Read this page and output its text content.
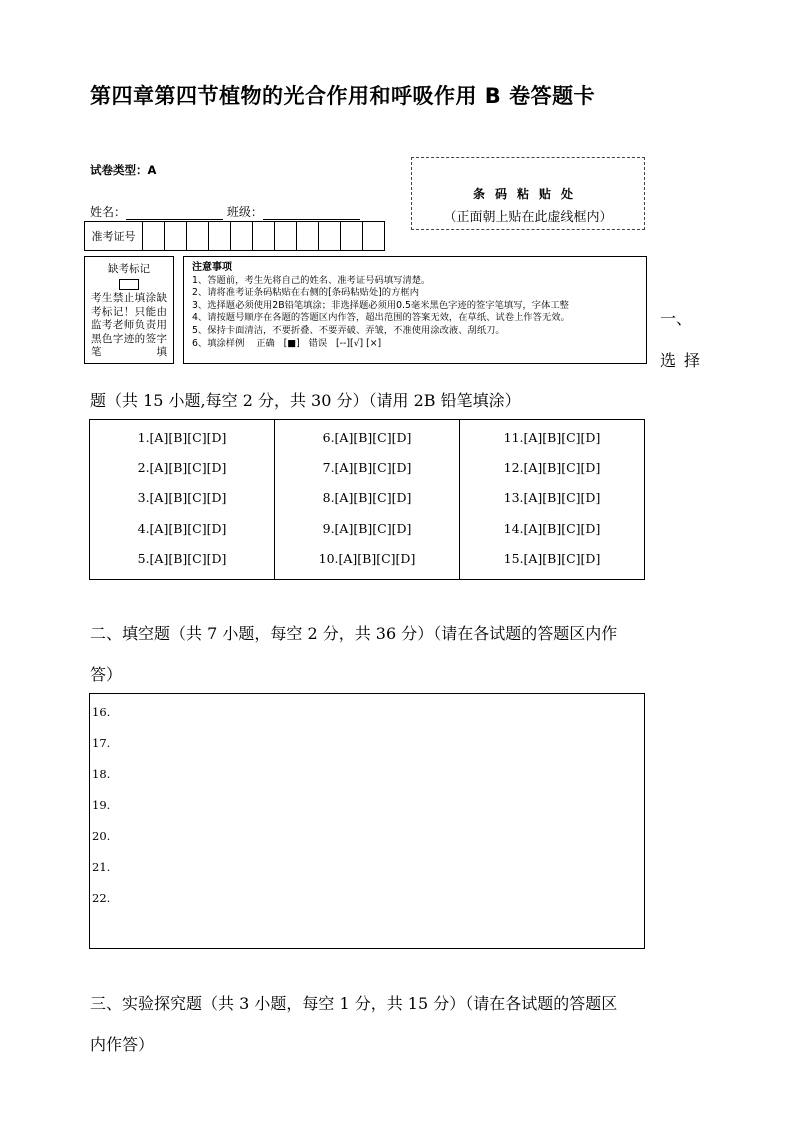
第四章第四节植物的光合作用和呼吸作用 B 卷答题卡
试卷类型：A
姓名：	班级：
条码粘贴处
（正面朝上贴在此虚线框内）
准考证号
缺考标记
考生禁止填涂缺考标记！只能由监考老师负责用黑色字迹的签字笔填
注意事项
1、答题前，考生先将自己的姓名、准考证号码填写清楚。
2、请将准考证条码粘贴在右侧的[条码粘贴处]的方框内
3、选择题必须使用2B铅笔填涂；非选择题必须用0.5毫米黑色字迹的签字笔填写，字体工整
4、请按题号顺序在各题的答题区内作答，超出范围的答案无效，在草纸、试卷上作答无效。
5、保持卡面清洁，不要折叠、不要弄破、弄皱，不准使用涂改液、刮纸刀。
6、填涂样例    正确   [■]   错误   [--][√] [×]
一、
选择
题（共 15 小题,每空 2 分，共 30 分）（请用 2B 铅笔填涂）
1.[A][B][C][D]
2.[A][B][C][D]
3.[A][B][C][D]
4.[A][B][C][D]
5.[A][B][C][D]
6.[A][B][C][D]
7.[A][B][C][D]
8.[A][B][C][D]
9.[A][B][C][D]
10.[A][B][C][D]
11.[A][B][C][D]
12.[A][B][C][D]
13.[A][B][C][D]
14.[A][B][C][D]
15.[A][B][C][D]
二、填空题（共 7 小题，每空 2 分，共 36 分）（请在各试题的答题区内作
答）
16.
17.
18.
19.
20.
21.
22.
三、实验探究题（共 3 小题，每空 1 分，共 15 分）（请在各试题的答题区
内作答）
